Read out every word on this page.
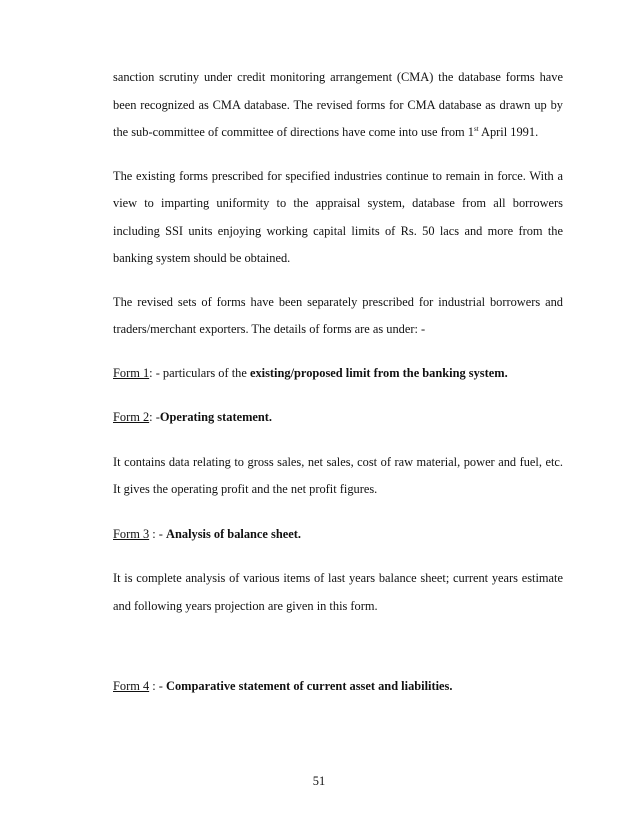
sanction scrutiny under credit monitoring arrangement (CMA) the database forms have been recognized as CMA database. The revised forms for CMA database as drawn up by the sub-committee of committee of directions have come into use from 1st April 1991.

The existing forms prescribed for specified industries continue to remain in force. With a view to imparting uniformity to the appraisal system, database from all borrowers including SSI units enjoying working capital limits of Rs. 50 lacs and more from the banking system should be obtained.

The revised sets of forms have been separately prescribed for industrial borrowers and traders/merchant exporters. The details of forms are as under: -

Form 1: - particulars of the existing/proposed limit from the banking system.

Form 2: -Operating statement.

It contains data relating to gross sales, net sales, cost of raw material, power and fuel, etc. It gives the operating profit and the net profit figures.

Form 3 : - Analysis of balance sheet.

It is complete analysis of various items of last years balance sheet; current years estimate and following years projection are given in this form.

Form 4 : - Comparative statement of current asset and liabilities.

51
